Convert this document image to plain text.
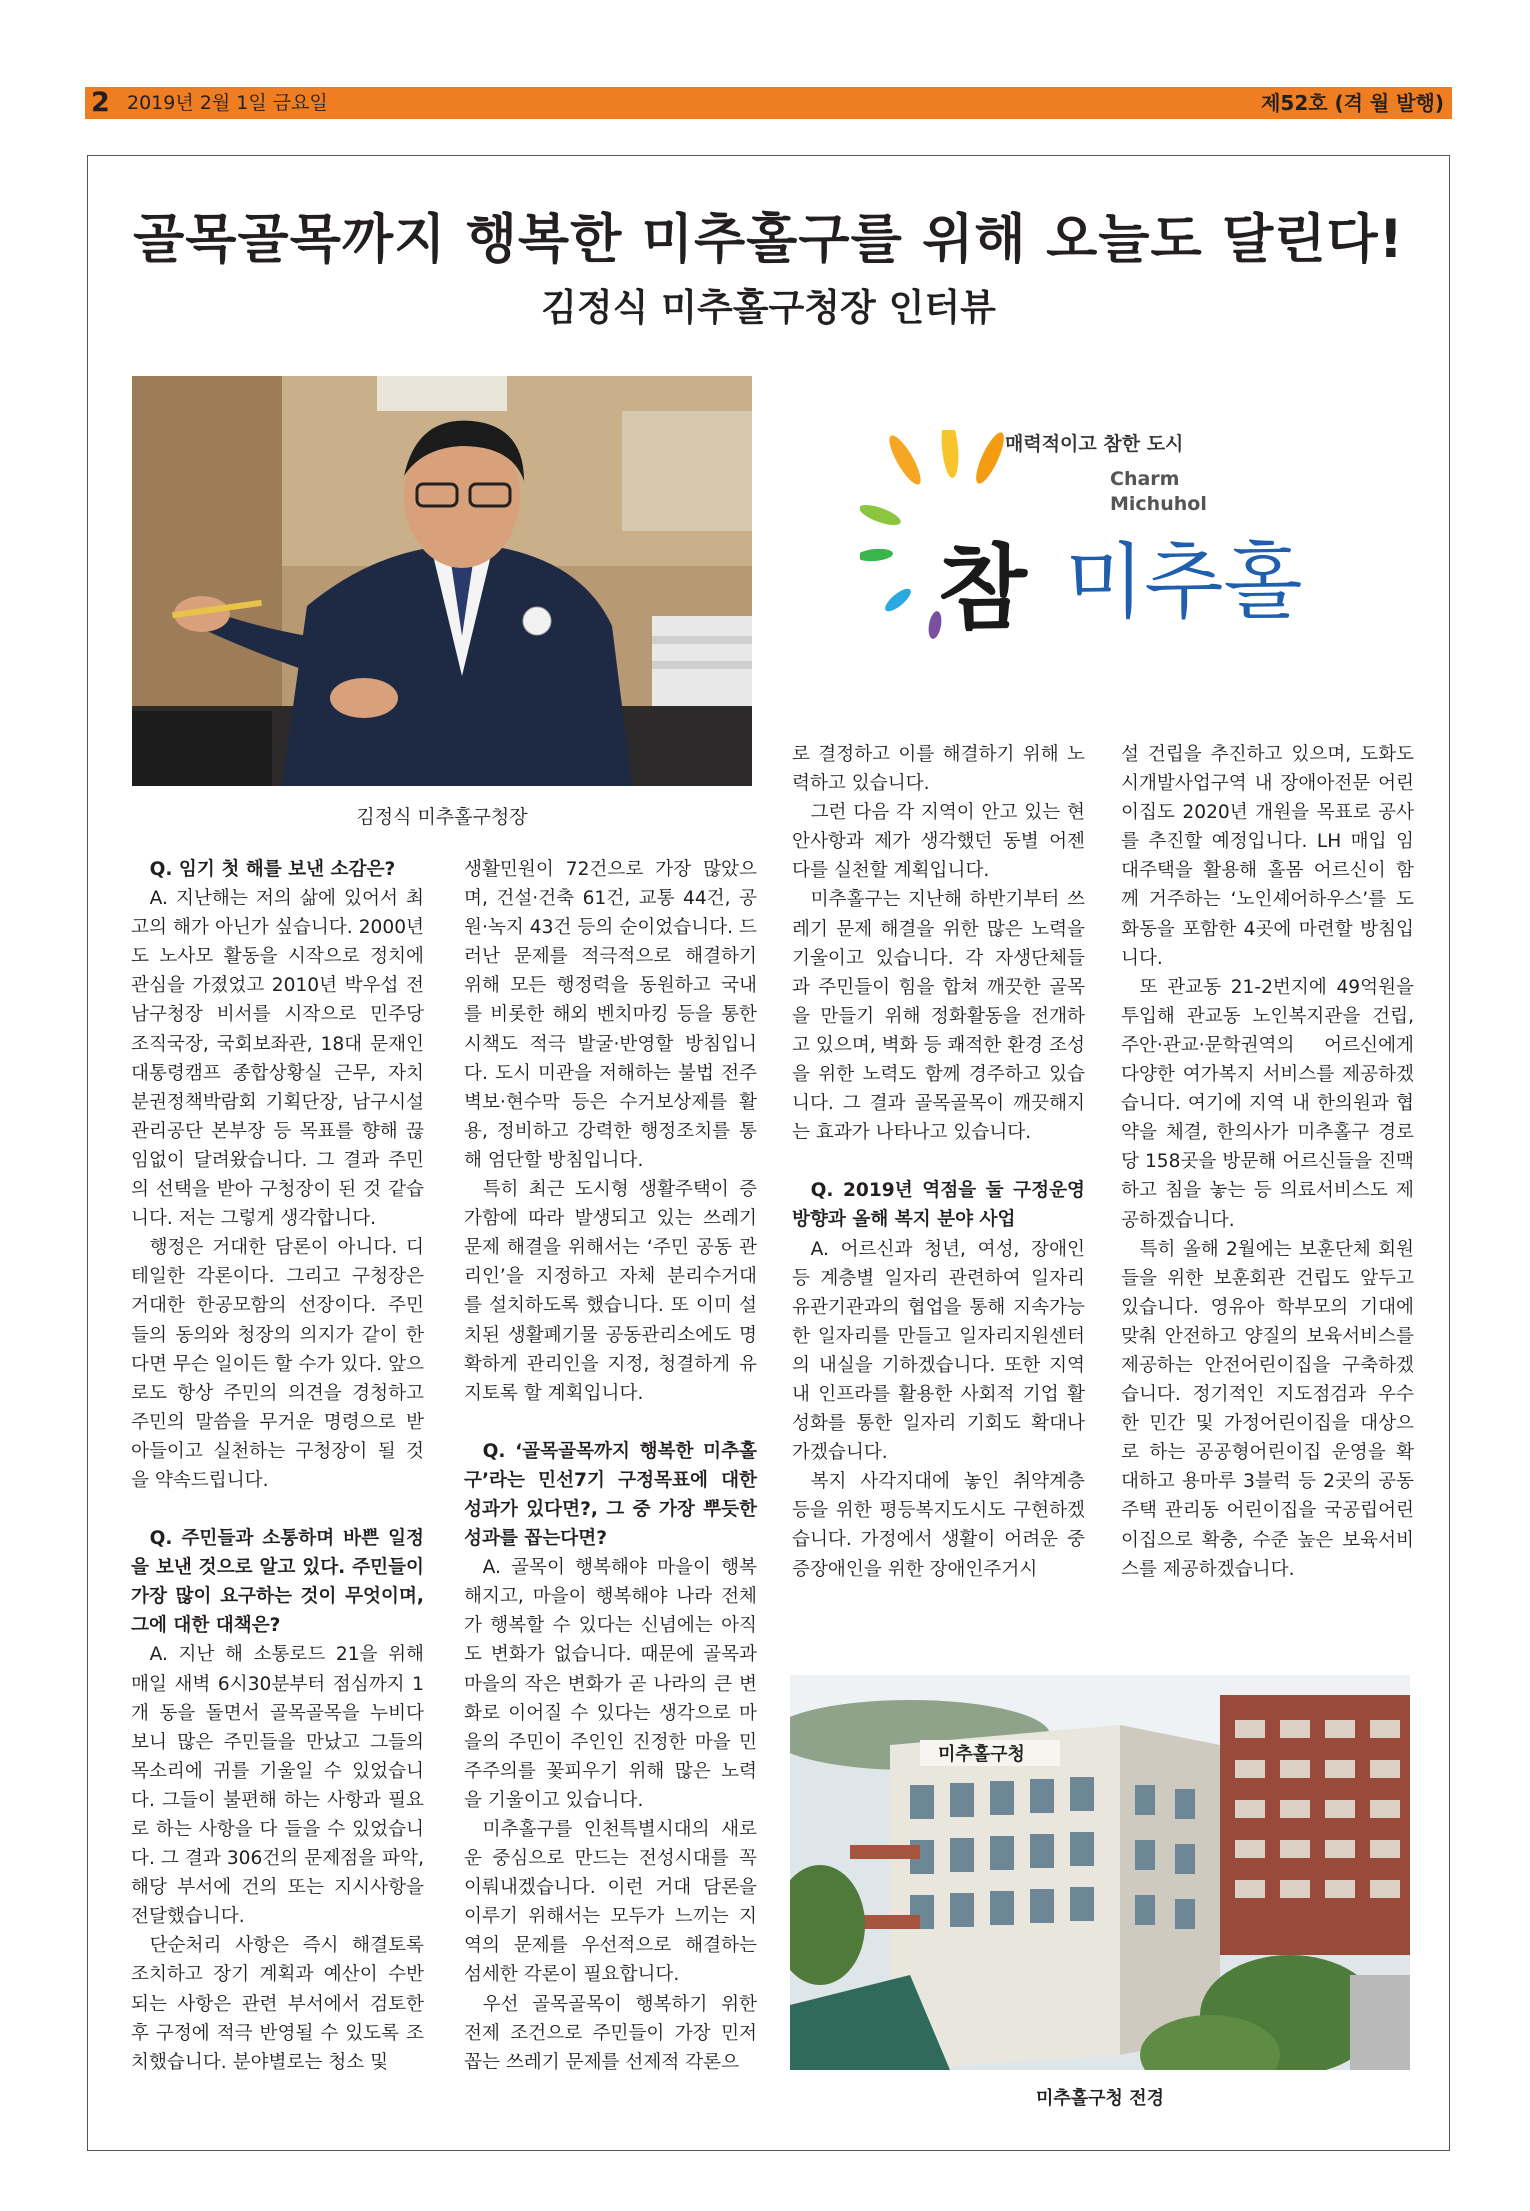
2 2019년 2월 1일 금요일	제52호 (격 월 발행)
골목골목까지 행복한 미추홀구를 위해 오늘도 달린다!
김정식 미추홀구청장 인터뷰
김정식 미추홀구청장
매력적이고 참한 도시
Charm
Michuhol
참 미추홀

Q. 임기 첫 해를 보낸 소감은?

A. 지난해는 저의 삶에 있어서 최고의 해가 아닌가 싶습니다. 2000년도 노사모 활동을 시작으로 정치에 관심을 가졌었고 2010년 박우섭 전 남구청장 비서를 시작으로 민주당 조직국장, 국회보좌관, 18대 문재인 대통령캠프 종합상황실 근무, 자치분권정책박람회 기획단장, 남구시설관리공단 본부장 등 목표를 향해 끊임없이 달려왔습니다. 그 결과 주민의 선택을 받아 구청장이 된 것 같습니다. 저는 그렇게 생각합니다.

행정은 거대한 담론이 아니다. 디테일한 각론이다. 그리고 구청장은 거대한 한공모함의 선장이다. 주민들의 동의와 청장의 의지가 같이 한다면 무슨 일이든 할 수가 있다. 앞으로도 항상 주민의 의견을 경청하고 주민의 말씀을 무거운 명령으로 받아들이고 실천하는 구청장이 될 것을 약속드립니다.

Q. 주민들과 소통하며 바쁜 일정을 보낸 것으로 알고 있다. 주민들이 가장 많이 요구하는 것이 무엇이며, 그에 대한 대책은?

A. 지난 해 소통로드 21을 위해 매일 새벽 6시30분부터 점심까지 1개 동을 돌면서 골목골목을 누비다 보니 많은 주민들을 만났고 그들의 목소리에 귀를 기울일 수 있었습니다. 그들이 불편해 하는 사항과 필요로 하는 사항을 다 들을 수 있었습니다. 그 결과 306건의 문제점을 파악, 해당 부서에 건의 또는 지시사항을 전달했습니다.

단순처리 사항은 즉시 해결토록 조치하고 장기 계획과 예산이 수반되는 사항은 관련 부서에서 검토한 후 구정에 적극 반영될 수 있도록 조치했습니다. 분야별로는 청소 및

생활민원이 72건으로 가장 많았으며, 건설·건축 61건, 교통 44건, 공원·녹지 43건 등의 순이었습니다. 드러난 문제를 적극적으로 해결하기 위해 모든 행정력을 동원하고 국내를 비롯한 해외 벤치마킹 등을 통한 시책도 적극 발굴·반영할 방침입니다. 도시 미관을 저해하는 불법 전주 벽보·현수막 등은 수거보상제를 활용, 정비하고 강력한 행정조치를 통해 엄단할 방침입니다.

특히 최근 도시형 생활주택이 증가함에 따라 발생되고 있는 쓰레기 문제 해결을 위해서는 ‘주민 공동 관리인’을 지정하고 자체 분리수거대를 설치하도록 했습니다. 또 이미 설치된 생활폐기물 공동관리소에도 명확하게 관리인을 지정, 청결하게 유지토록 할 계획입니다.

Q. ‘골목골목까지 행복한 미추홀구’라는 민선7기 구정목표에 대한 성과가 있다면?, 그 중 가장 뿌듯한 성과를 꼽는다면?

A. 골목이 행복해야 마을이 행복해지고, 마을이 행복해야 나라 전체가 행복할 수 있다는 신념에는 아직도 변화가 없습니다. 때문에 골목과 마을의 작은 변화가 곧 나라의 큰 변화로 이어질 수 있다는 생각으로 마을의 주민이 주인인 진정한 마을 민주주의를 꽃피우기 위해 많은 노력을 기울이고 있습니다.

미추홀구를 인천특별시대의 새로운 중심으로 만드는 전성시대를 꼭 이뤄내겠습니다. 이런 거대 담론을 이루기 위해서는 모두가 느끼는 지역의 문제를 우선적으로 해결하는 섬세한 각론이 필요합니다.

우선 골목골목이 행복하기 위한 전제 조건으로 주민들이 가장 민저 꼽는 쓰레기 문제를 선제적 각론으

로 결정하고 이를 해결하기 위해 노력하고 있습니다.

그런 다음 각 지역이 안고 있는 현안사항과 제가 생각했던 동별 어젠다를 실천할 계획입니다.

미추홀구는 지난해 하반기부터 쓰레기 문제 해결을 위한 많은 노력을 기울이고 있습니다. 각 자생단체들과 주민들이 힘을 합쳐 깨끗한 골목을 만들기 위해 정화활동을 전개하고 있으며, 벽화 등 쾌적한 환경 조성을 위한 노력도 함께 경주하고 있습니다. 그 결과 골목골목이 깨끗해지는 효과가 나타나고 있습니다.

Q. 2019년 역점을 둘 구정운영 방향과 올해 복지 분야 사업

A. 어르신과 청년, 여성, 장애인 등 계층별 일자리 관련하여 일자리 유관기관과의 협업을 통해 지속가능한 일자리를 만들고 일자리지원센터의 내실을 기하겠습니다. 또한 지역 내 인프라를 활용한 사회적 기업 활성화를 통한 일자리 기회도 확대나가겠습니다.

복지 사각지대에 놓인 취약계층 등을 위한 평등복지도시도 구현하겠습니다. 가정에서 생활이 어려운 중증장애인을 위한 장애인주거시

설 건립을 추진하고 있으며, 도화도시개발사업구역 내 장애아전문 어린이집도 2020년 개원을 목표로 공사를 추진할 예정입니다. LH 매입 임대주택을 활용해 홀몸 어르신이 함께 거주하는 ‘노인셰어하우스’를 도화동을 포함한 4곳에 마련할 방침입니다.

또 관교동 21-2번지에 49억원을 투입해 관교동 노인복지관을 건립, 주안·관교·문학권역의 어르신에게 다양한 여가복지 서비스를 제공하겠습니다. 여기에 지역 내 한의원과 협약을 체결, 한의사가 미추홀구 경로당 158곳을 방문해 어르신들을 진맥하고 침을 놓는 등 의료서비스도 제공하겠습니다.

특히 올해 2월에는 보훈단체 회원들을 위한 보훈회관 건립도 앞두고 있습니다. 영유아 학부모의 기대에 맞춰 안전하고 양질의 보육서비스를 제공하는 안전어린이집을 구축하겠습니다. 정기적인 지도점검과 우수한 민간 및 가정어린이집을 대상으로 하는 공공형어린이집 운영을 확대하고 용마루 3블럭 등 2곳의 공동주택 관리동 어린이집을 국공립어린이집으로 확충, 수준 높은 보육서비스를 제공하겠습니다.

미추홀구청
미추홀구청 전경
